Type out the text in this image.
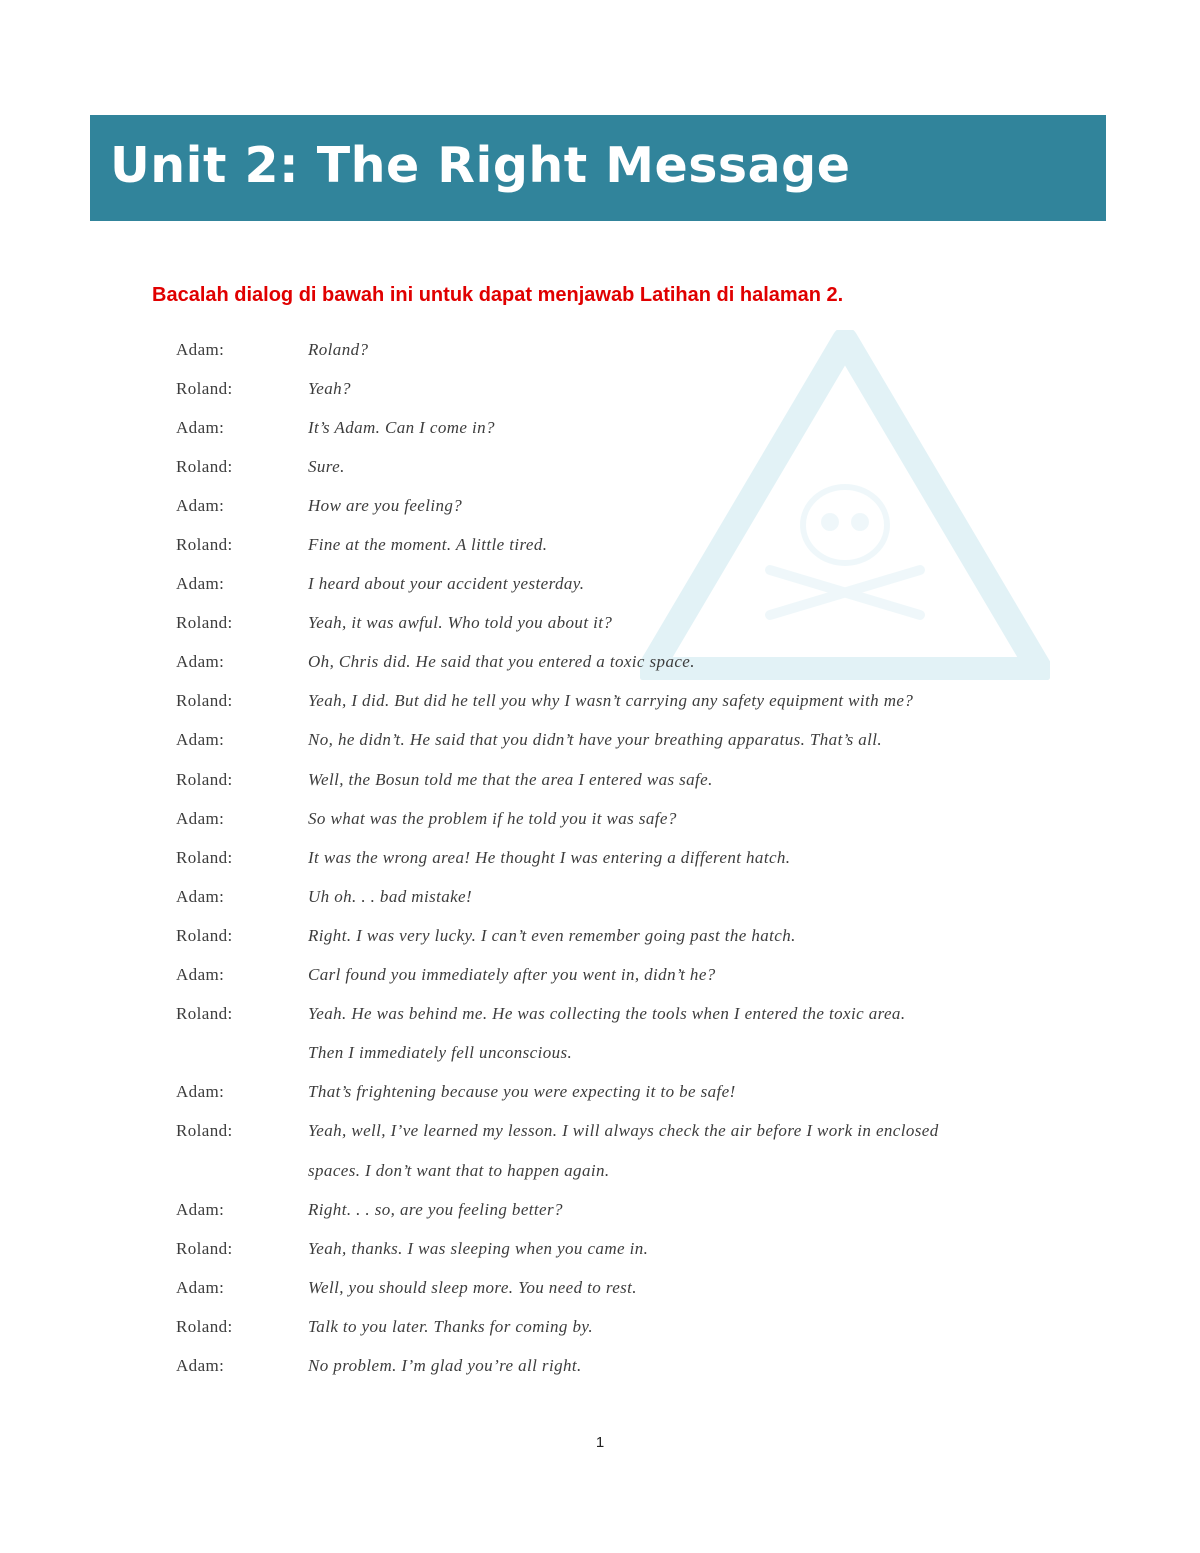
Unit 2: The Right Message

Bacalah dialog di bawah ini untuk dapat menjawab Latihan di halaman 2.

Adam:	Roland?
Roland:	Yeah?
Adam:	It’s Adam. Can I come in?
Roland:	Sure.
Adam:	How are you feeling?
Roland:	Fine at the moment. A little tired.
Adam:	I heard about your accident yesterday.
Roland:	Yeah, it was awful. Who told you about it?
Adam:	Oh, Chris did. He said that you entered a toxic space.
Roland:	Yeah, I did. But did he tell you why I wasn’t carrying any safety equipment with me?
Adam:	No, he didn’t. He said that you didn’t have your breathing apparatus. That’s all.
Roland:	Well, the Bosun told me that the area I entered was safe.
Adam:	So what was the problem if he told you it was safe?
Roland:	It was the wrong area! He thought I was entering a different hatch.
Adam:	Uh oh. . . bad mistake!
Roland:	Right. I was very lucky. I can’t even remember going past the hatch.
Adam:	Carl found you immediately after you went in, didn’t he?
Roland:	Yeah. He was behind me. He was collecting the tools when I entered the toxic area.
Then I immediately fell unconscious.
Adam:	That’s frightening because you were expecting it to be safe!
Roland:	Yeah, well, I’ve learned my lesson. I will always check the air before I work in enclosed
spaces. I don’t want that to happen again.
Adam:	Right. . . so, are you feeling better?
Roland:	Yeah, thanks. I was sleeping when you came in.
Adam:	Well, you should sleep more. You need to rest.
Roland:	Talk to you later. Thanks for coming by.
Adam:	No problem. I’m glad you’re all right.
1
